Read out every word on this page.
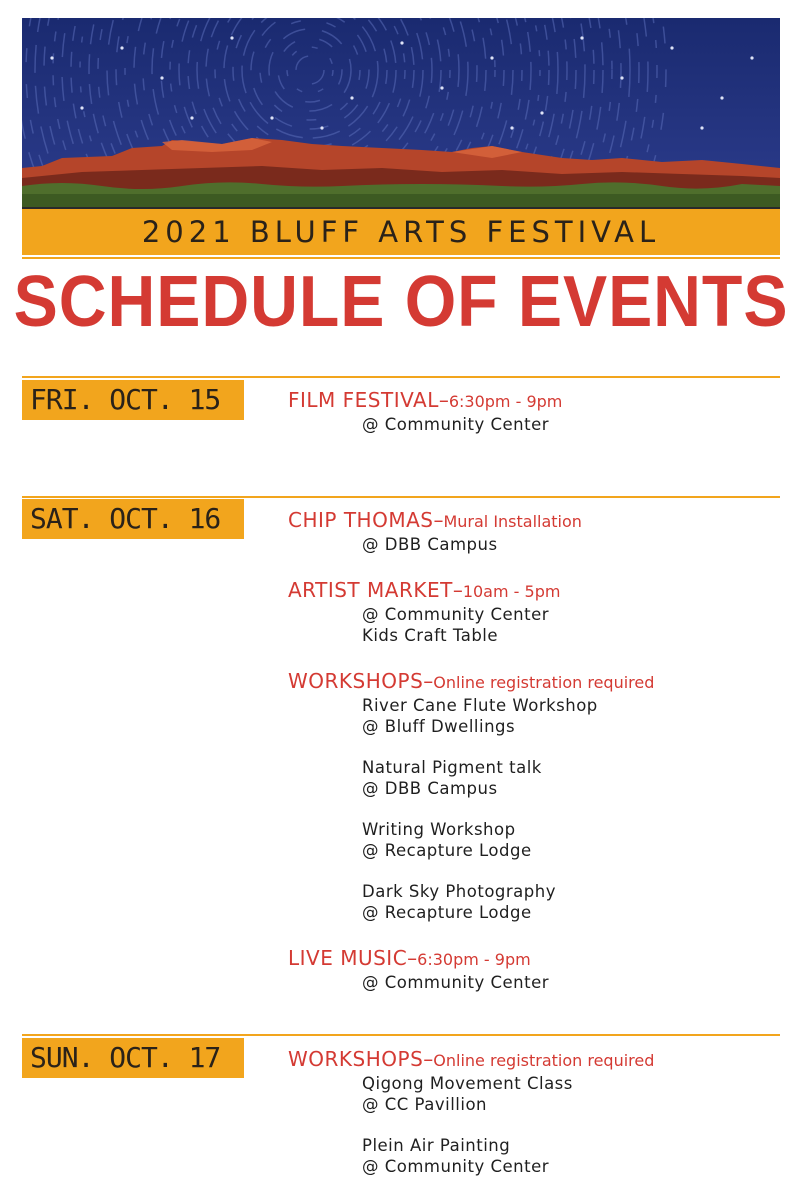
2021 BLUFF ARTS FESTIVAL
SCHEDULE OF EVENTS
FRI. OCT. 15	FILM FESTIVAL–6:30pm - 9pm
@ Community Center
SAT. OCT. 16	CHIP THOMAS–Mural Installation
@ DBB Campus
ARTIST MARKET–10am - 5pm
@ Community Center
Kids Craft Table
WORKSHOPS–Online registration required
River Cane Flute Workshop
@ Bluff Dwellings
Natural Pigment talk
@ DBB Campus
Writing Workshop
@ Recapture Lodge
Dark Sky Photography
@ Recapture Lodge
LIVE MUSIC–6:30pm - 9pm
@ Community Center
SUN. OCT. 17	WORKSHOPS–Online registration required
Qigong Movement Class
@ CC Pavillion
Plein Air Painting
@ Community Center
